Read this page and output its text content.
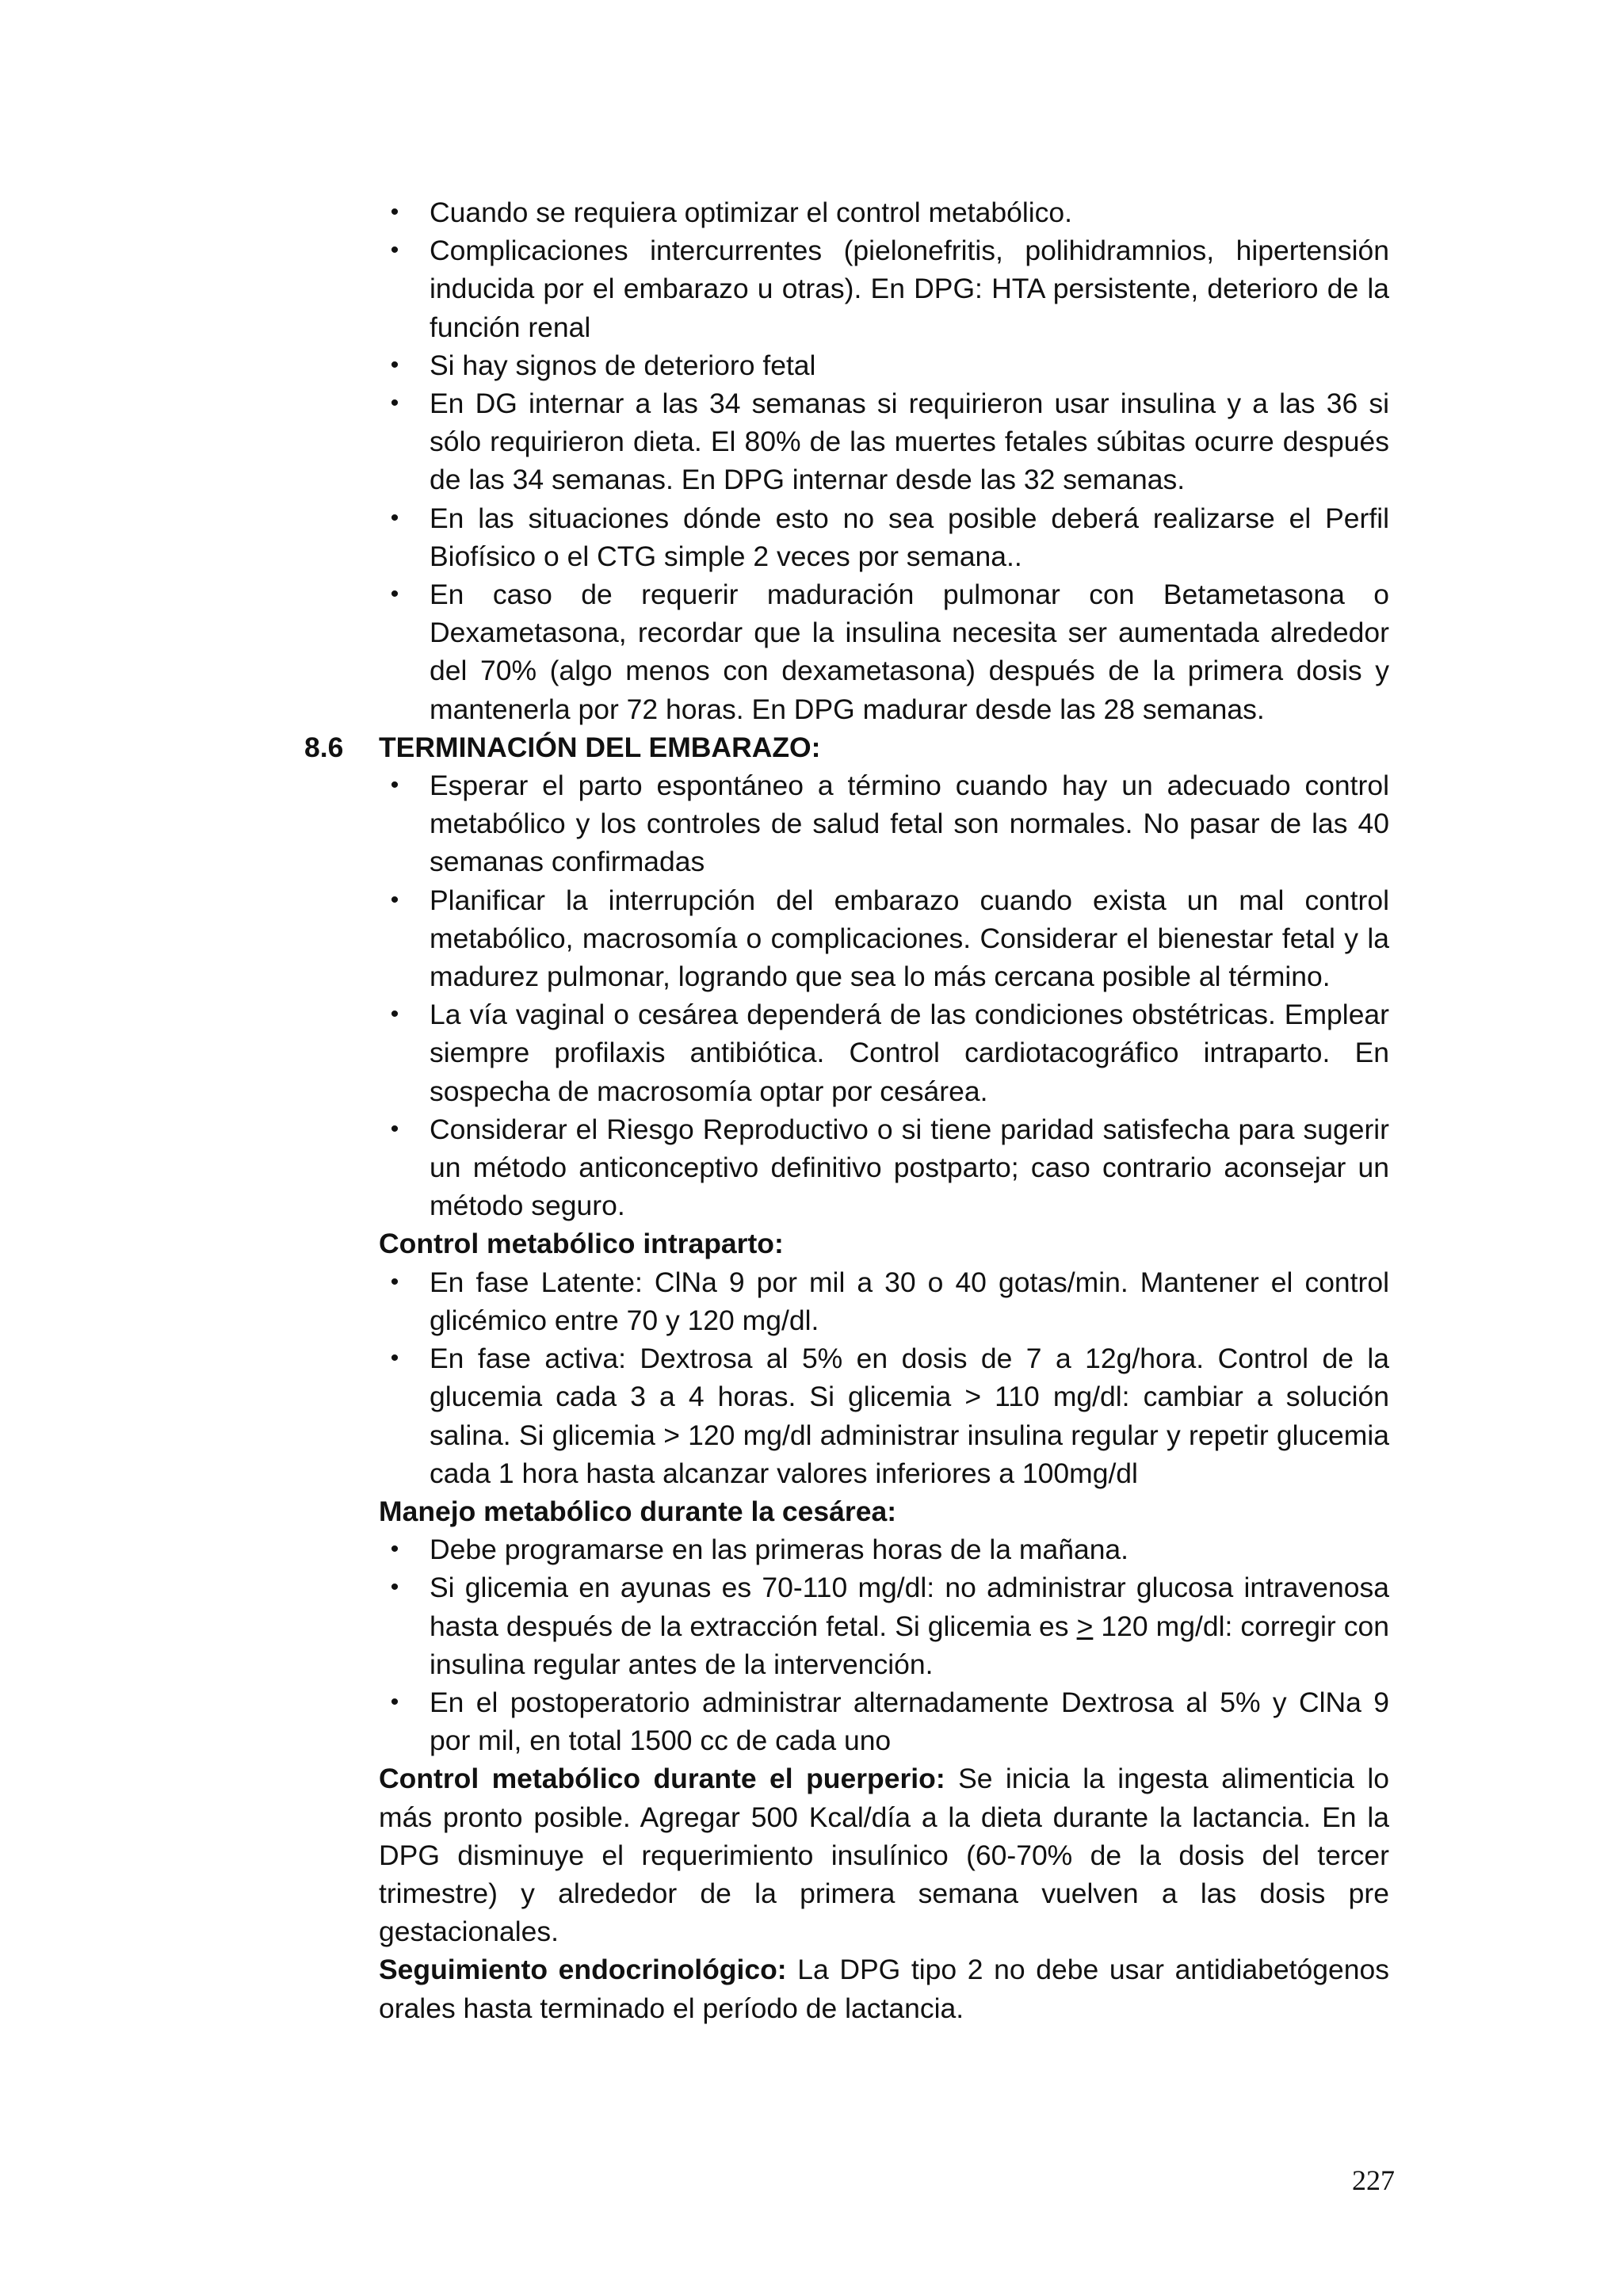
•	Cuando se requiera optimizar el control metabólico.
•	Complicaciones intercurrentes (pielonefritis, polihidramnios, hipertensión inducida por el embarazo u otras). En DPG: HTA persistente, deterioro de la función renal
•	Si hay signos de deterioro fetal
•	En DG internar a las 34 semanas si requirieron usar insulina y a las 36 si sólo requirieron dieta. El 80% de las muertes fetales súbitas ocurre después de las 34 semanas. En DPG internar desde las 32 semanas.
•	En las situaciones dónde esto no sea posible deberá realizarse el Perfil Biofísico o el CTG simple 2 veces por semana..
•	En caso de requerir maduración pulmonar con Betametasona o Dexametasona, recordar que la insulina necesita ser aumentada alrededor del 70% (algo menos con dexametasona) después de la primera dosis y mantenerla por 72 horas. En DPG madurar desde las 28 semanas.
8.6 TERMINACIÓN DEL EMBARAZO:
•	Esperar el parto espontáneo a término cuando hay un adecuado control metabólico y los controles de salud fetal son normales. No pasar de las 40 semanas confirmadas
•	Planificar la interrupción del embarazo cuando exista un mal control metabólico, macrosomía o complicaciones. Considerar el bienestar fetal y la madurez pulmonar, logrando que sea lo más cercana posible al término.
•	La vía vaginal o cesárea dependerá de las condiciones obstétricas. Emplear siempre profilaxis antibiótica. Control cardiotacográfico intraparto. En sospecha de macrosomía optar por cesárea.
•	Considerar el Riesgo Reproductivo o si tiene paridad satisfecha para sugerir un método anticonceptivo definitivo postparto; caso contrario aconsejar un método seguro.
Control metabólico intraparto:
•	En fase Latente: ClNa 9 por mil a 30 o 40 gotas/min. Mantener el control glicémico entre 70 y 120 mg/dl.
•	En fase activa: Dextrosa al 5% en dosis de 7 a 12g/hora. Control de la glucemia cada 3 a 4 horas. Si glicemia > 110 mg/dl: cambiar a solución salina. Si glicemia > 120 mg/dl administrar insulina regular y repetir glucemia cada 1 hora hasta alcanzar valores inferiores a 100mg/dl
Manejo metabólico durante la cesárea:
•	Debe programarse en las primeras horas de la mañana.
•	Si glicemia en ayunas es 70-110 mg/dl: no administrar glucosa intravenosa hasta después de la extracción fetal. Si glicemia es ≥ 120 mg/dl: corregir con insulina regular antes de la intervención.
•	En el postoperatorio administrar alternadamente Dextrosa al 5% y ClNa 9 por mil, en total 1500 cc de cada uno

Control metabólico durante el puerperio: Se inicia la ingesta alimenticia lo más pronto posible. Agregar 500 Kcal/día a la dieta durante la lactancia. En la DPG disminuye el requerimiento insulínico (60-70% de la dosis del tercer trimestre) y alrededor de la primera semana vuelven a las dosis pre gestacionales.

Seguimiento endocrinológico: La DPG tipo 2 no debe usar antidiabetógenos orales hasta terminado el período de lactancia.

227
